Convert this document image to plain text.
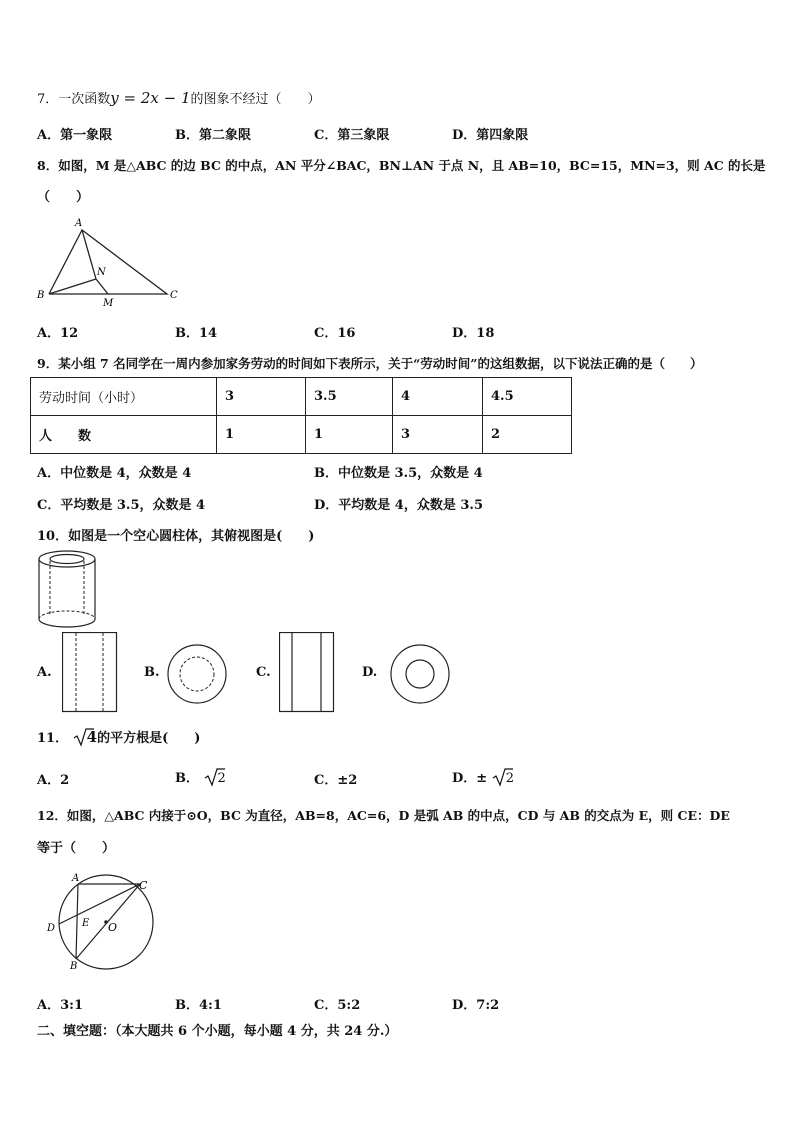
7．一次函数y = 2x − 1的图象不经过（　　）
A．第一象限	B．第二象限	C．第三象限	D．第四象限
8．如图，M 是△ABC 的边 BC 的中点，AN 平分∠BAC，BN⊥AN 于点 N，且 AB=10，BC=15，MN=3，则 AC 的长是
（　　）
A
B	C
N
M
A．12	B．14	C．16	D．18
9．某小组 7 名同学在一周内参加家务劳动的时间如下表所示，关于“劳动时间”的这组数据，以下说法正确的是（　　）
劳动时间（小时）	3	3.5	4	4.5
人　　数	1	1	3	2
A．中位数是 4，众数是 4	B．中位数是 3.5，众数是 4
C．平均数是 3.5，众数是 4	D．平均数是 4，众数是 3.5
10．如图是一个空心圆柱体，其俯视图是(　　)
A.	B.	C.	D.
11． 4的平方根是(　　)
A．2	B． 2	C．±2	D．± 2
12．如图，△ABC 内接于⊙O，BC 为直径，AB=8，AC=6，D 是弧 AB 的中点，CD 与 AB 的交点为 E，则 CE：DE
等于（　　）
A
C
D	E O
B
A．3:1	B．4:1	C．5:2	D．7:2
二、填空题：（本大题共 6 个小题，每小题 4 分，共 24 分.）
